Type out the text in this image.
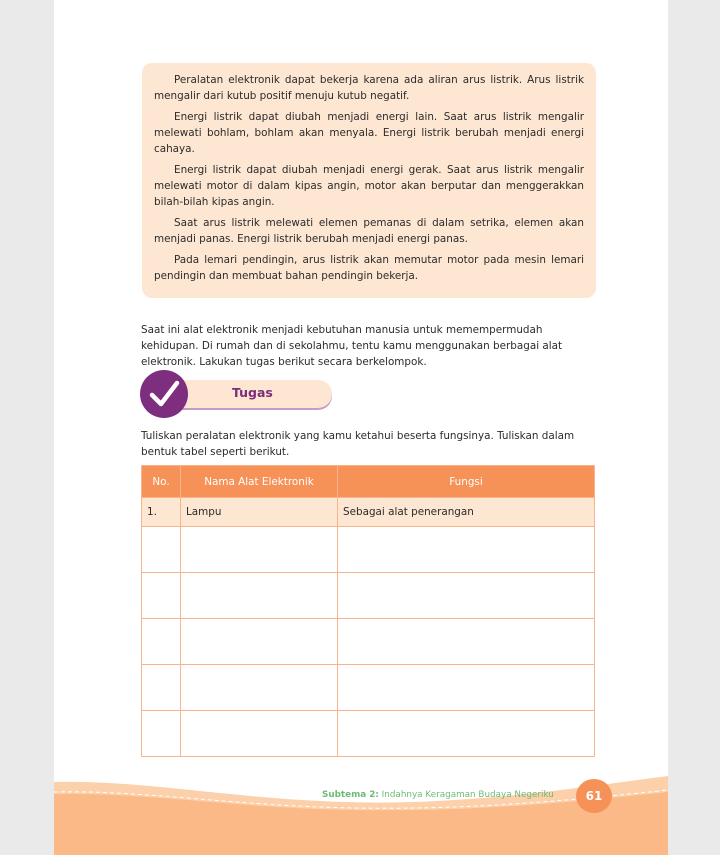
Peralatan elektronik dapat bekerja karena ada aliran arus listrik. Arus listrik mengalir dari kutub positif menuju kutub negatif.

Energi listrik dapat diubah menjadi energi lain. Saat arus listrik mengalir melewati bohlam, bohlam akan menyala. Energi listrik berubah menjadi energi cahaya.

Energi listrik dapat diubah menjadi energi gerak. Saat arus listrik mengalir melewati motor di dalam kipas angin, motor akan berputar dan menggerakkan bilah-bilah kipas angin.

Saat arus listrik melewati elemen pemanas di dalam setrika, elemen akan menjadi panas. Energi listrik berubah menjadi energi panas.

Pada lemari pendingin, arus listrik akan memutar motor pada mesin lemari pendingin dan membuat bahan pendingin bekerja.

Saat ini alat elektronik menjadi kebutuhan manusia untuk memempermudah kehidupan. Di rumah dan di sekolahmu, tentu kamu menggunakan berbagai alat elektronik. Lakukan tugas berikut secara berkelompok.

Tugas

Tuliskan peralatan elektronik yang kamu ketahui beserta fungsinya. Tuliskan dalam bentuk tabel seperti berikut.

No.	Nama Alat Elektronik	Fungsi
1.	Lampu	Sebagai alat penerangan

Subtema 2: Indahnya Keragaman Budaya Negeriku	61
